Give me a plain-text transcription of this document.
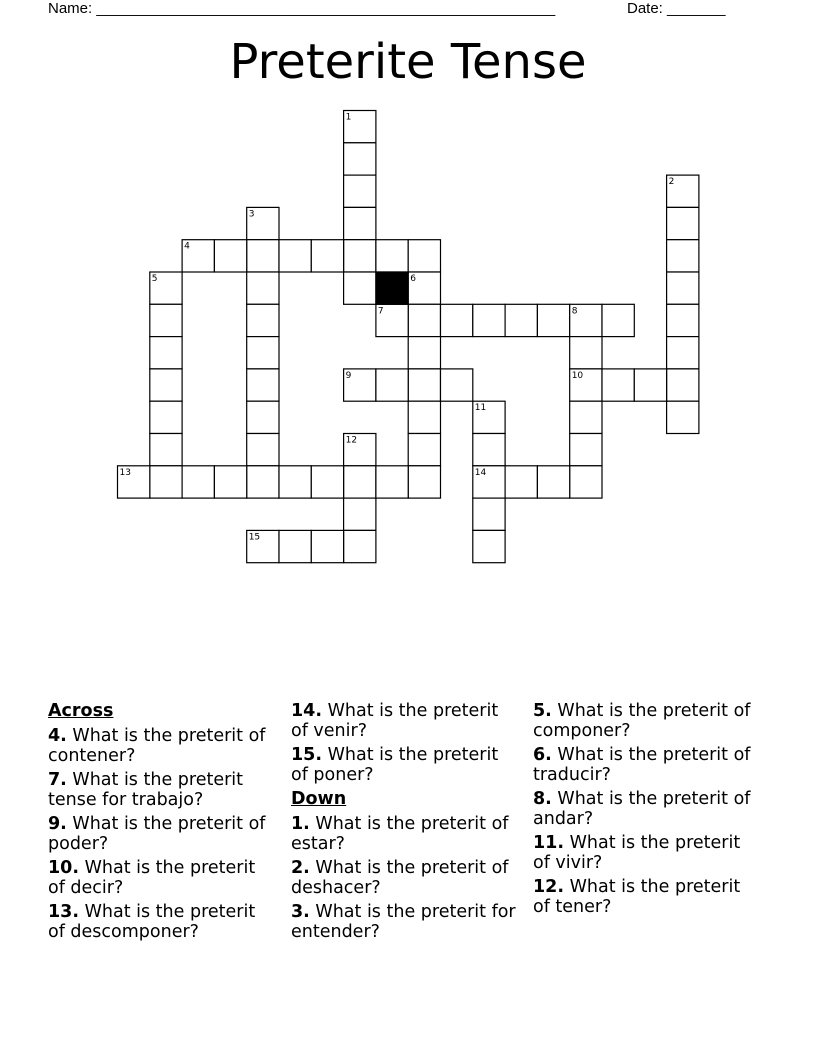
Name: _______________________________________________________	Date: _______
Preterite Tense
1
2
3
4
5	6
7	8
9	10
11
12
13	14
15
Across
4. What is the preterit of contener?
7. What is the preterit tense for trabajo?
9. What is the preterit of poder?
10. What is the preterit of decir?
13. What is the preterit of descomponer?
14. What is the preterit of venir?
15. What is the preterit of poner?
Down
1. What is the preterit of estar?
2. What is the preterit of deshacer?
3. What is the preterit for entender?
5. What is the preterit of componer?
6. What is the preterit of traducir?
8. What is the preterit of andar?
11. What is the preterit of vivir?
12. What is the preterit of tener?
